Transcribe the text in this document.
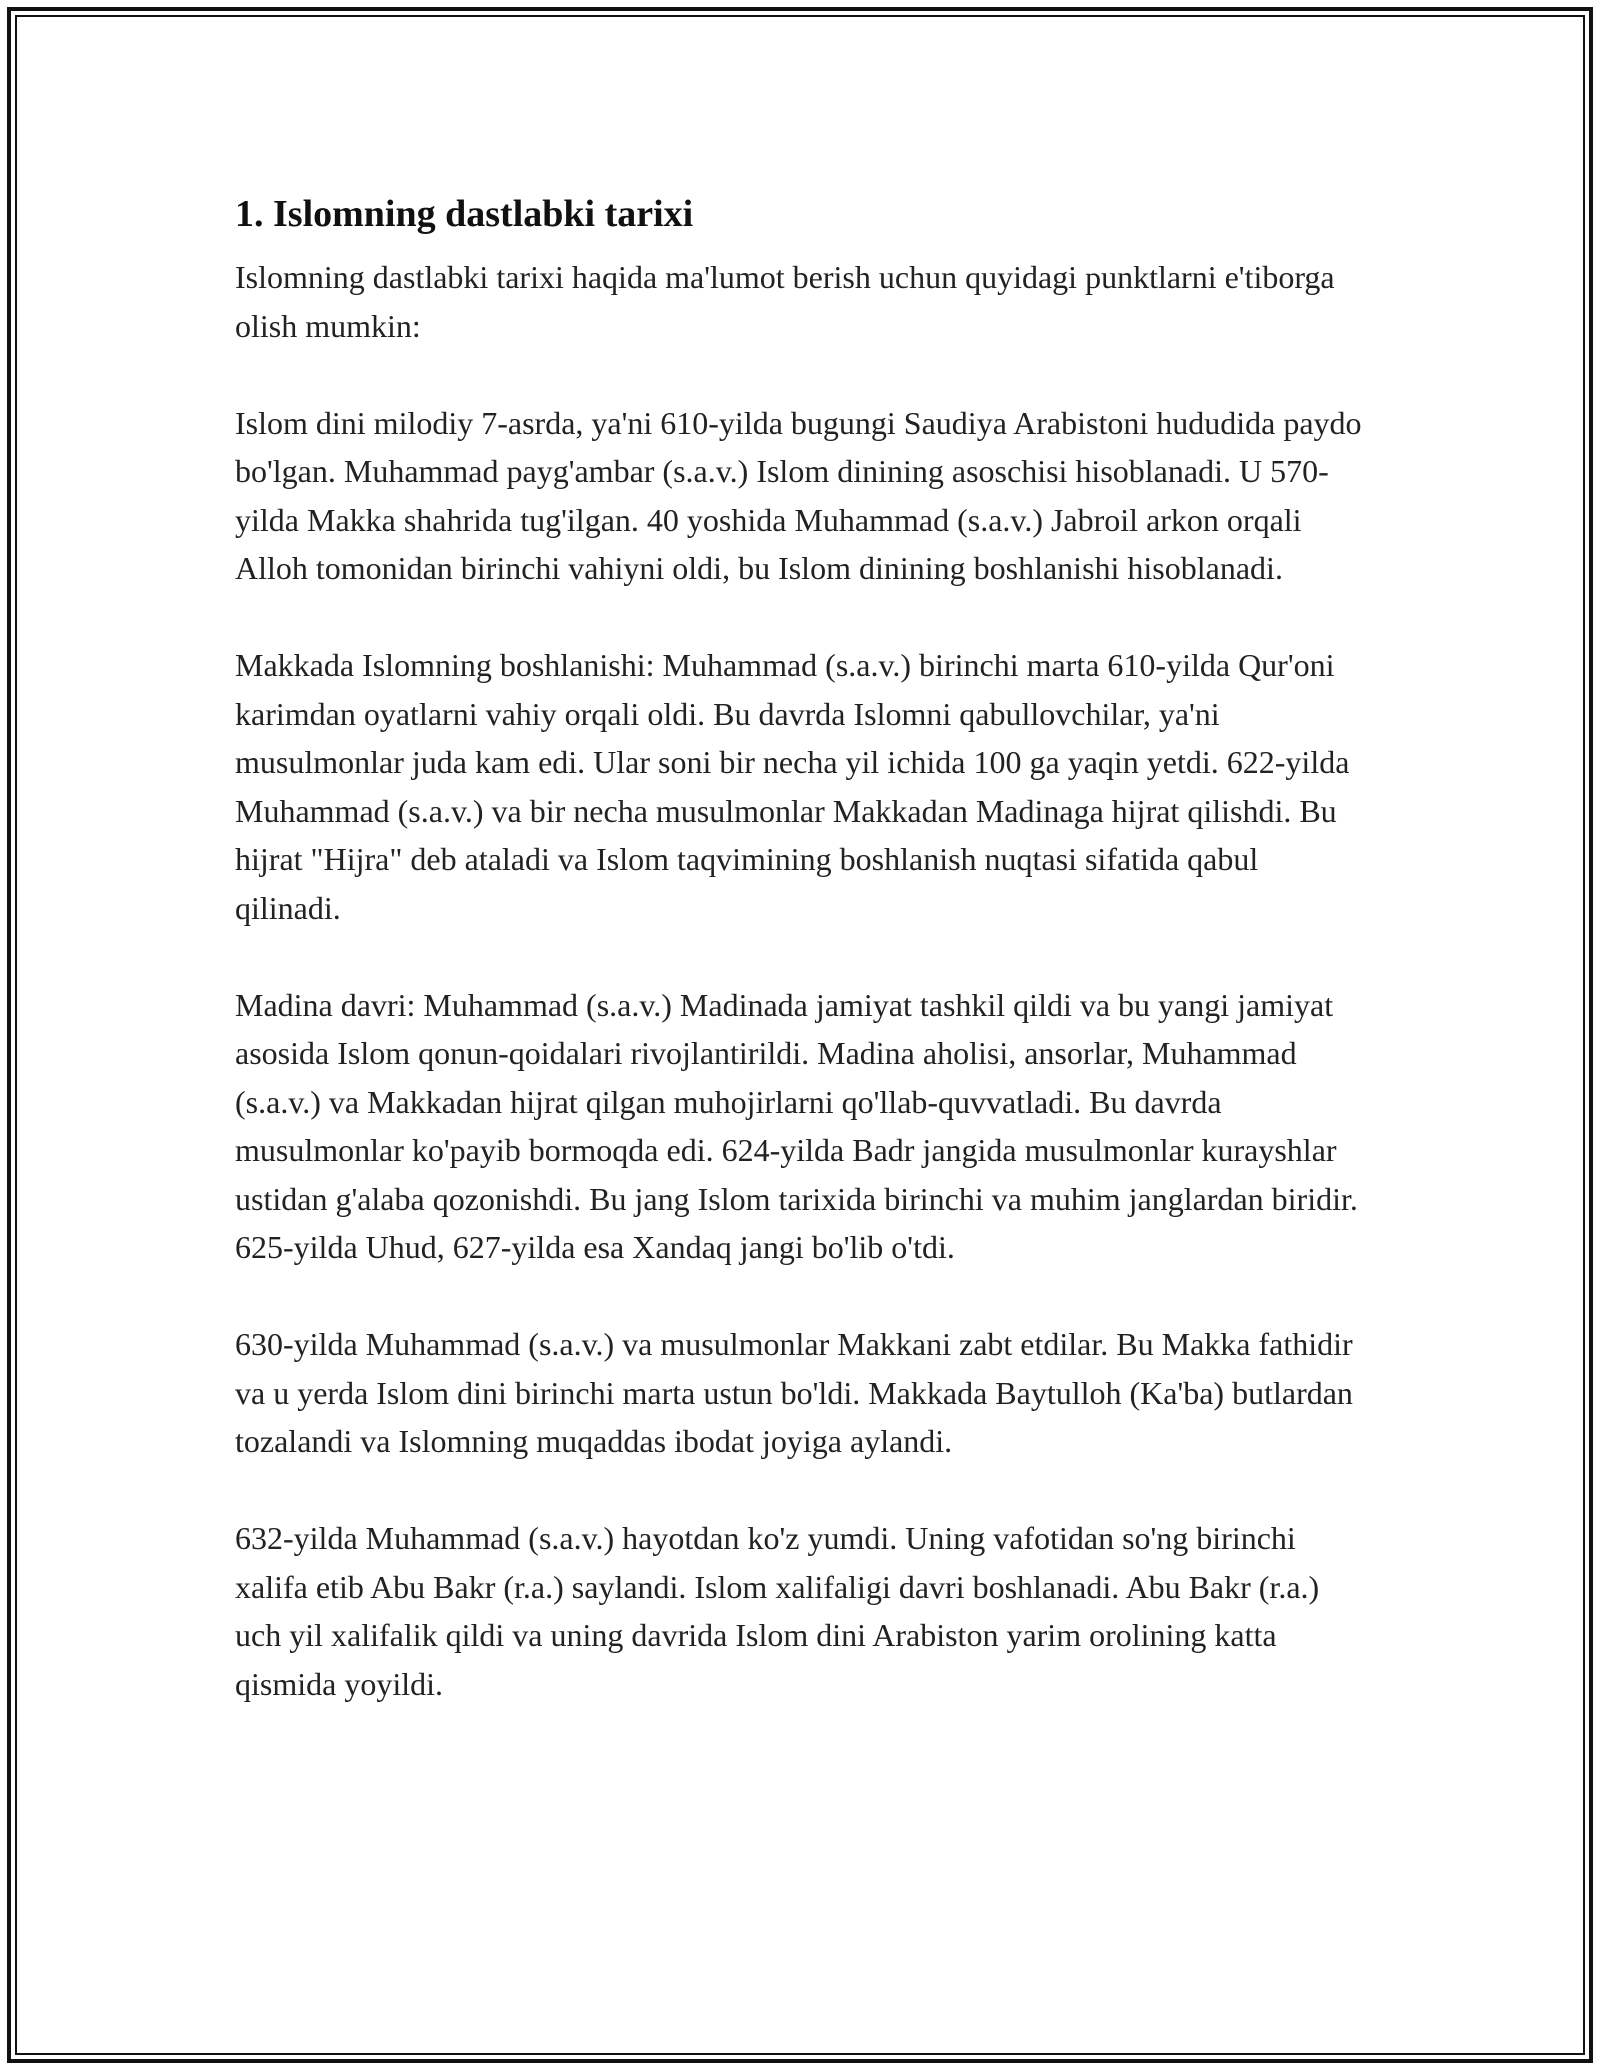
1. Islomning dastlabki tarixi

Islomning dastlabki tarixi haqida ma'lumot berish uchun quyidagi punktlarni e'tiborga olish mumkin:

Islom dini milodiy 7-asrda, ya'ni 610-yilda bugungi Saudiya Arabistoni hududida paydo bo'lgan. Muhammad payg'ambar (s.a.v.) Islom dinining asoschisi hisoblanadi. U 570-yilda Makka shahrida tug'ilgan. 40 yoshida Muhammad (s.a.v.) Jabroil arkon orqali Alloh tomonidan birinchi vahiyni oldi, bu Islom dinining boshlanishi hisoblanadi.

Makkada Islomning boshlanishi: Muhammad (s.a.v.) birinchi marta 610-yilda Qur'oni karimdan oyatlarni vahiy orqali oldi. Bu davrda Islomni qabullovchilar, ya'ni musulmonlar juda kam edi. Ular soni bir necha yil ichida 100 ga yaqin yetdi. 622-yilda Muhammad (s.a.v.) va bir necha musulmonlar Makkadan Madinaga hijrat qilishdi. Bu hijrat "Hijra" deb ataladi va Islom taqvimining boshlanish nuqtasi sifatida qabul qilinadi.

Madina davri: Muhammad (s.a.v.) Madinada jamiyat tashkil qildi va bu yangi jamiyat asosida Islom qonun-qoidalari rivojlantirildi. Madina aholisi, ansorlar, Muhammad (s.a.v.) va Makkadan hijrat qilgan muhojirlarni qo'llab-quvvatladi. Bu davrda musulmonlar ko'payib bormoqda edi. 624-yilda Badr jangida musulmonlar kurayshlar ustidan g'alaba qozonishdi. Bu jang Islom tarixida birinchi va muhim janglardan biridir. 625-yilda Uhud, 627-yilda esa Xandaq jangi bo'lib o'tdi.

630-yilda Muhammad (s.a.v.) va musulmonlar Makkani zabt etdilar. Bu Makka fathidir va u yerda Islom dini birinchi marta ustun bo'ldi. Makkada Baytulloh (Ka'ba) butlardan tozalandi va Islomning muqaddas ibodat joyiga aylandi.

632-yilda Muhammad (s.a.v.) hayotdan ko'z yumdi. Uning vafotidan so'ng birinchi xalifa etib Abu Bakr (r.a.) saylandi. Islom xalifaligi davri boshlanadi. Abu Bakr (r.a.) uch yil xalifalik qildi va uning davrida Islom dini Arabiston yarim orolining katta qismida yoyildi.
